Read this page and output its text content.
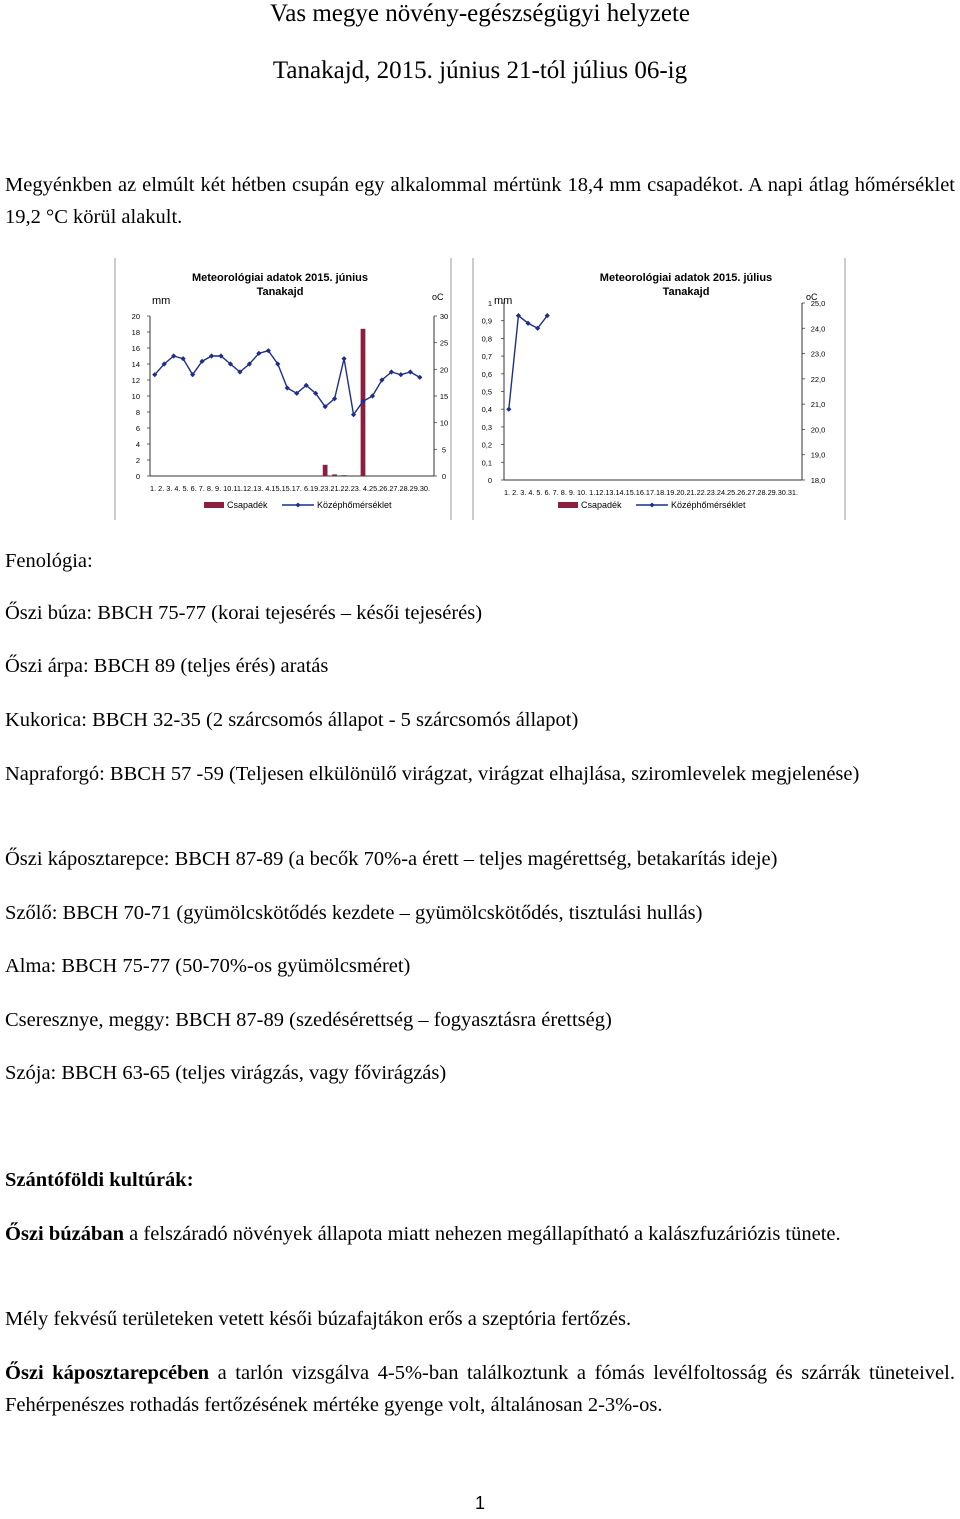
Vas megye növény-egészségügyi helyzete
Tanakajd, 2015. június 21-tól július 06-ig
Megyénkben az elmúlt két hétben csupán egy alkalommal mértünk 18,4 mm csapadékot. A napi átlag hőmérséklet 19,2 °C körül alakult.
Meteorológiai adatok 2015. június
Tanakajd
mm	oC
0
2
4
6
8
10
12
14
16
18
20
0
5
10
15
20
25
30
1. 2. 3. 4. 5. 6. 7. 8. 9. 10.11.12.13. 4.15.15.17. 6.19.23.21.22.23. 4.25.26.27.28.29.30.
Csapadék	Középhőmérséklet
Meteorológiai adatok 2015. július
Tanakajd
mm	oC
0
0,1
0,2
0,3
0,4
0,5
0,6
0,7
0,8
0,9
1
18,0
19,0
20,0
21,0
22,0
23,0
24,0
25,0
1. 2. 3. 4. 5. 6. 7. 8. 9. 10. 1.12.13.14.15.16.17.18.19.20.21.22.23.24.25.26.27.28.29.30.31.
Csapadék	Középhőmérséklet
Fenológia:
Őszi búza: BBCH 75-77 (korai tejesérés – késői tejesérés)
Őszi árpa: BBCH 89 (teljes érés) aratás
Kukorica: BBCH 32-35 (2 szárcsomós állapot - 5 szárcsomós állapot)
Napraforgó: BBCH 57 -59 (Teljesen elkülönülő virágzat, virágzat elhajlása, sziromlevelek megjelenése)
Őszi káposztarepce: BBCH 87-89 (a becők 70%-a érett – teljes magérettség, betakarítás ideje)
Szőlő: BBCH 70-71 (gyümölcskötődés kezdete – gyümölcskötődés, tisztulási hullás)
Alma: BBCH 75-77 (50-70%-os gyümölcsméret)
Cseresznye, meggy: BBCH 87-89 (szedésérettség – fogyasztásra érettség)
Szója: BBCH 63-65 (teljes virágzás, vagy fővirágzás)
Szántóföldi kultúrák:
Őszi búzában a felszáradó növények állapota miatt nehezen megállapítható a kalászfuzáriózis tünete.
Mély fekvésű területeken vetett késői búzafajtákon erős a szeptória fertőzés.
Őszi káposztarepcében a tarlón vizsgálva 4-5%-ban találkoztunk a fómás levélfoltosság és szárrák tüneteivel. Fehérpenészes rothadás fertőzésének mértéke gyenge volt, általánosan 2-3%-os.
1
